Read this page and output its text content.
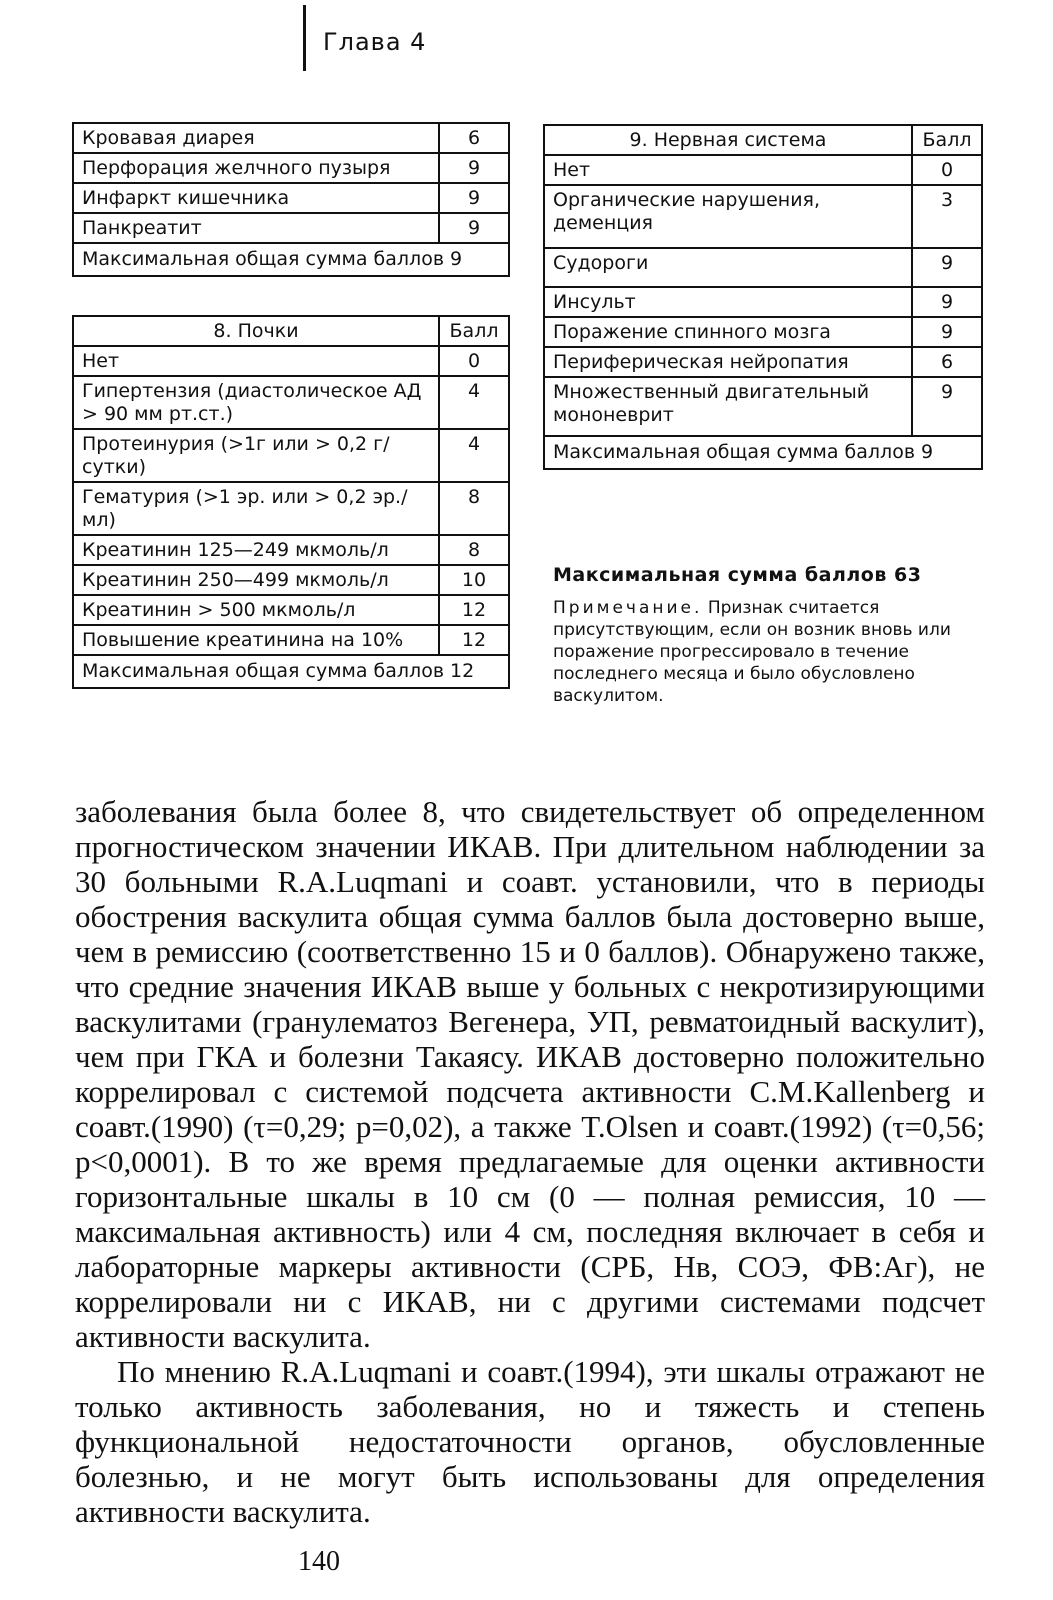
Глава 4
Кровавая диарея	6
Перфорация желчного пузыря	9
Инфаркт кишечника	9
Панкреатит	9
Максимальная общая сумма баллов 9	
8. Почки	Балл
Нет	0
Гипертензия (диастолическое АД > 90 мм рт.ст.)	4
Протеинурия (>1г или > 0,2 г/сутки)	4
Гематурия (>1 эр. или > 0,2 эр./мл)	8
Креатинин 125—249 мкмоль/л	8
Креатинин 250—499 мкмоль/л	10
Креатинин > 500 мкмоль/л	12
Повышение креатинина на 10%	12
Максимальная общая сумма баллов 12	
9. Нервная система	Балл
Нет	0
Органические нарушения, деменция	3
Судороги	9
Инсульт	9
Поражение спинного мозга	9
Периферическая нейропатия	6
Множественный двигательный мононеврит	9
Максимальная общая сумма баллов 9	
Максимальная сумма баллов 63
Примечание. Признак считается присутствующим, если он возник вновь или поражение прогрессировало в течение последнего месяца и было обусловлено васкулитом.

заболевания была более 8, что свидетельствует об определенном прогностическом значении ИКАВ. При длительном наблюдении за 30 больными R.A.Luqmani и соавт. установили, что в периоды обострения васкулита общая сумма баллов была достоверно выше, чем в ремиссию (соответственно 15 и 0 баллов). Обнаружено также, что средние значения ИКАВ выше у больных с некротизирующими васкулитами (гранулематоз Вегенера, УП, ревматоидный васкулит), чем при ГКА и болезни Такаясу. ИКАВ достоверно положительно коррелировал с системой подсчета активности С.M.Kallenberg и соавт.(1990) (τ=0,29; p=0,02), а также T.Olsen и соавт.(1992) (τ=0,56; p<0,0001). В то же время предлагаемые для оценки активности горизонтальные шкалы в 10 см (0 — полная ремиссия, 10 — максимальная активность) или 4 см, последняя включает в себя и лабораторные маркеры активности (СРБ, Нв, СОЭ, ФВ:Аг), не коррелировали ни с ИКАВ, ни с другими системами подсчет активности васкулита.

По мнению R.A.Luqmani и соавт.(1994), эти шкалы отражают не только активность заболевания, но и тяжесть и степень функциональной недостаточности органов, обусловленные болезнью, и не могут быть использованы для определения активности васкулита.

140
